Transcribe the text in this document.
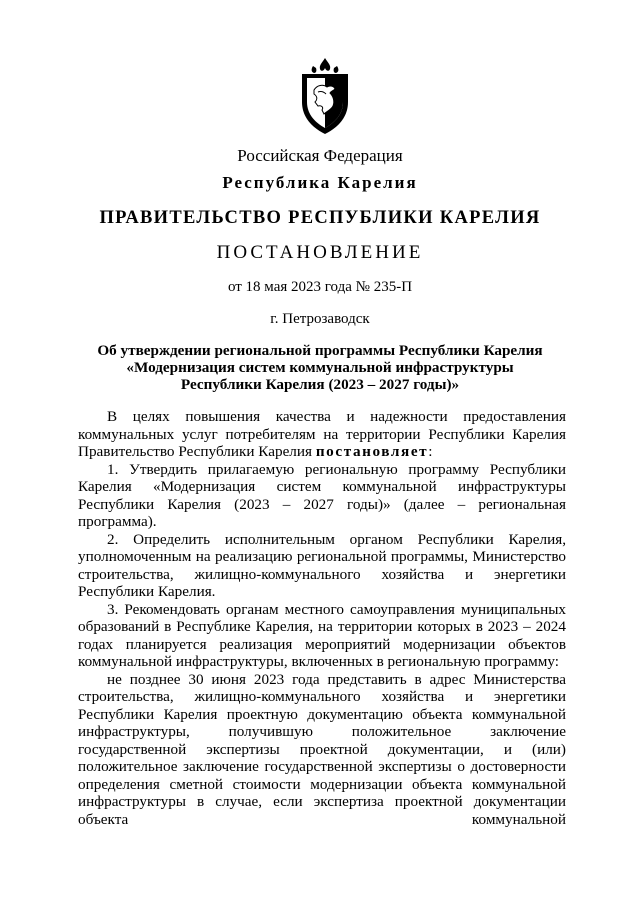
Российская Федерация
Республика Карелия
ПРАВИТЕЛЬСТВО РЕСПУБЛИКИ КАРЕЛИЯ
ПОСТАНОВЛЕНИЕ
от 18 мая 2023 года № 235-П
г. Петрозаводск
Об утверждении региональной программы Республики Карелия
«Модернизация систем коммунальной инфраструктуры
Республики Карелия (2023 – 2027 годы)»

В целях повышения качества и надежности предоставления коммунальных услуг потребителям на территории Республики Карелия Правительство Республики Карелия постановляет:

1. Утвердить прилагаемую региональную программу Республики Карелия «Модернизация систем коммунальной инфраструктуры Республики Карелия (2023 – 2027 годы)» (далее – региональная программа).

2. Определить исполнительным органом Республики Карелия, уполномоченным на реализацию региональной программы, Министерство строительства, жилищно-коммунального хозяйства и энергетики Республики Карелия.

3. Рекомендовать органам местного самоуправления муниципальных образований в Республике Карелия, на территории которых в 2023 – 2024 годах планируется реализация мероприятий модернизации объектов коммунальной инфраструктуры, включенных в региональную программу:

не позднее 30 июня 2023 года представить в адрес Министерства строительства, жилищно-коммунального хозяйства и энергетики Республики Карелия проектную документацию объекта коммунальной инфраструктуры, получившую положительное заключение государственной экспертизы проектной документации, и (или) положительное заключение государственной экспертизы о достоверности определения сметной стоимости модернизации объекта коммунальной инфраструктуры в случае, если экспертиза проектной документации объекта коммунальной
